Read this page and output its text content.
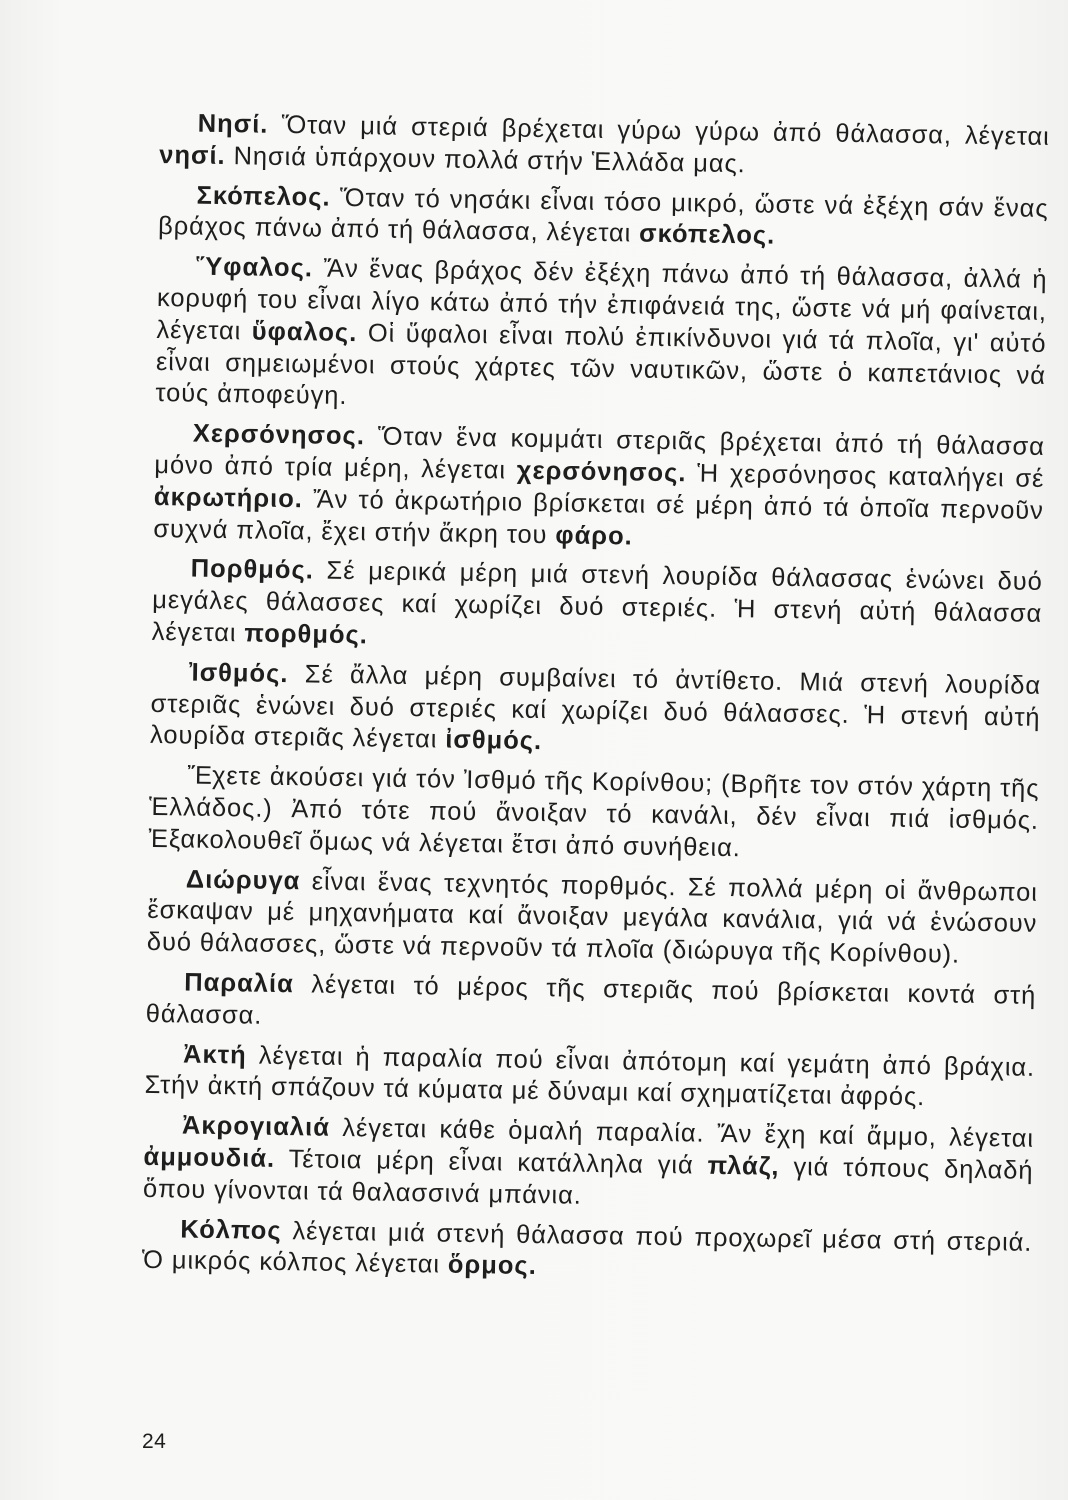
Νησί. Ὅταν μιά στεριά βρέχεται γύρω γύρω ἀπό θάλασσα, λέγεται νησί. Νησιά ὑπάρχουν πολλά στήν Ἑλλάδα μας.

Σκόπελος. Ὅταν τό νησάκι εἶναι τόσο μικρό, ὥστε νά ἐξέχη σάν ἕνας βράχος πάνω ἀπό τή θάλασσα, λέγεται σκόπελος.

Ὕφαλος. Ἄν ἕνας βράχος δέν ἐξέχη πάνω ἀπό τή θάλασσα, ἀλλά ἡ κορυφή του εἶναι λίγο κάτω ἀπό τήν ἐπιφάνειά της, ὥστε νά μή φαίνεται, λέγεται ὕφαλος. Οἱ ὕφαλοι εἶναι πολύ ἐπικίνδυνοι γιά τά πλοῖα, γι' αὐτό εἶναι σημειωμένοι στούς χάρτες τῶν ναυτικῶν, ὥστε ὁ καπετάνιος νά τούς ἀποφεύγη.

Χερσόνησος. Ὅταν ἕνα κομμάτι στεριᾶς βρέχεται ἀπό τή θάλασσα μόνο ἀπό τρία μέρη, λέγεται χερσόνησος. Ἡ χερσόνησος καταλήγει σέ ἀκρωτήριο. Ἄν τό ἀκρωτήριο βρίσκεται σέ μέρη ἀπό τά ὁποῖα περνοῦν συχνά πλοῖα, ἔχει στήν ἄκρη του φάρο.

Πορθμός. Σέ μερικά μέρη μιά στενή λουρίδα θάλασσας ἑνώνει δυό μεγάλες θάλασσες καί χωρίζει δυό στεριές. Ἡ στενή αὐτή θάλασσα λέγεται πορθμός.

Ἰσθμός. Σέ ἄλλα μέρη συμβαίνει τό ἀντίθετο. Μιά στενή λουρίδα στεριᾶς ἑνώνει δυό στεριές καί χωρίζει δυό θάλασσες. Ἡ στενή αὐτή λουρίδα στεριᾶς λέγεται ἰσθμός.

Ἔχετε ἀκούσει γιά τόν Ἰσθμό τῆς Κορίνθου; (Βρῆτε τον στόν χάρτη τῆς Ἑλλάδος.) Ἀπό τότε πού ἄνοιξαν τό κανάλι, δέν εἶναι πιά ἰσθμός. Ἐξακολουθεῖ ὅμως νά λέγεται ἔτσι ἀπό συνήθεια.

Διώρυγα εἶναι ἕνας τεχνητός πορθμός. Σέ πολλά μέρη οἱ ἄνθρωποι ἔσκαψαν μέ μηχανήματα καί ἄνοιξαν μεγάλα κανάλια, γιά νά ἑνώσουν δυό θάλασσες, ὥστε νά περνοῦν τά πλοῖα (διώρυγα τῆς Κορίνθου).

Παραλία λέγεται τό μέρος τῆς στεριᾶς πού βρίσκεται κοντά στή θάλασσα.

Ἀκτή λέγεται ἡ παραλία πού εἶναι ἀπότομη καί γεμάτη ἀπό βράχια. Στήν ἀκτή σπάζουν τά κύματα μέ δύναμι καί σχηματίζεται ἀφρός.

Ἀκρογιαλιά λέγεται κάθε ὁμαλή παραλία. Ἄν ἔχη καί ἄμμο, λέγεται ἀμμουδιά. Τέτοια μέρη εἶναι κατάλληλα γιά πλάζ, γιά τόπους δηλαδή ὅπου γίνονται τά θαλασσινά μπάνια.

Κόλπος λέγεται μιά στενή θάλασσα πού προχωρεῖ μέσα στή στεριά. Ὁ μικρός κόλπος λέγεται ὅρμος.

24
